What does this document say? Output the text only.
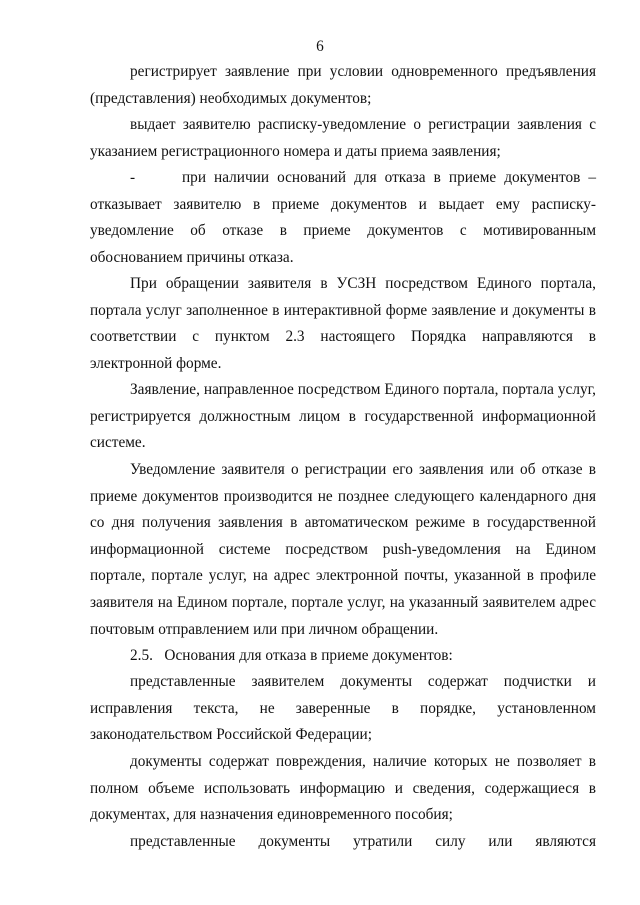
6

регистрирует заявление при условии одновременного предъявления
(представления) необходимых документов;

выдает заявителю расписку-уведомление о регистрации заявления с
указанием регистрационного номера и даты приема заявления;

-	при наличии оснований для отказа в приеме документов –
отказывает заявителю в приеме документов и выдает ему расписку-
уведомление об отказе в приеме документов с мотивированным
обоснованием причины отказа.

При обращении заявителя в УСЗН посредством Единого портала,
портала услуг заполненное в интерактивной форме заявление и документы в
соответствии с пунктом 2.3 настоящего Порядка направляются в
электронной форме.

Заявление, направленное посредством Единого портала, портала услуг,
регистрируется должностным лицом в государственной информационной
системе.

Уведомление заявителя о регистрации его заявления или об отказе в
приеме документов производится не позднее следующего календарного дня
со дня получения заявления в автоматическом режиме в государственной
информационной системе посредством push-уведомления на Едином
портале, портале услуг, на адрес электронной почты, указанной в профиле
заявителя на Едином портале, портале услуг, на указанный заявителем адрес
почтовым отправлением или при личном обращении.

2.5.   Основания для отказа в приеме документов:

представленные заявителем документы содержат подчистки и
исправления текста, не заверенные в порядке, установленном
законодательством Российской Федерации;

документы содержат повреждения, наличие которых не позволяет в
полном объеме использовать информацию и сведения, содержащиеся в
документах, для назначения единовременного пособия;

представленные документы утратили силу или являются
